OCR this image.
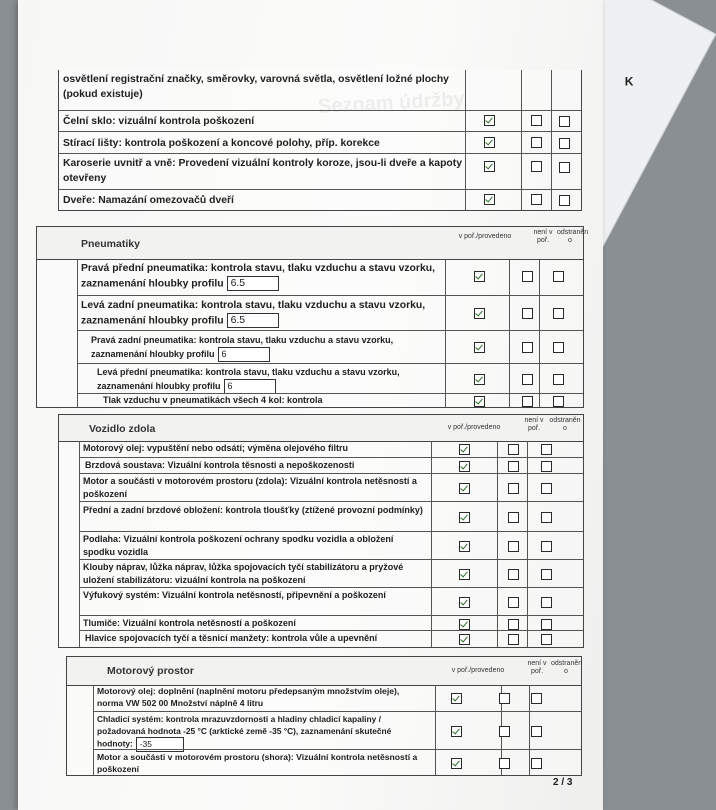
K
Seznam údržby
osvětlení registrační značky, směrovky, varovná světla, osvětlení ložné plochy (pokud existuje)
Čelní sklo: vizuální kontrola poškození
Stírací lišty: kontrola poškození a koncové polohy, příp. korekce
Karoserie uvnitř a vně: Provedení vizuální kontroly koroze, jsou-li dveře a kapoty otevřeny
Dveře: Namazání omezovačů dveří
Pneumatiky
v poř./provedeno
není v poř.
odstraněn o
Pravá přední pneumatika: kontrola stavu, tlaku vzduchu a stavu vzorku, zaznamenání hloubky profilu 6.5
Levá zadní pneumatika: kontrola stavu, tlaku vzduchu a stavu vzorku, zaznamenání hloubky profilu 6.5
Pravá zadní pneumatika: kontrola stavu, tlaku vzduchu a stavu vzorku, zaznamenání hloubky profilu 6
Levá přední pneumatika: kontrola stavu, tlaku vzduchu a stavu vzorku, zaznamenání hloubky profilu 6
Tlak vzduchu v pneumatikách všech 4 kol: kontrola
Vozidlo zdola	v poř./provedeno
není v poř.
odstraněn o
Motorový olej: vypuštění nebo odsátí; výměna olejového filtru
Brzdová soustava: Vizuální kontrola těsnosti a nepoškozenosti
Motor a součásti v motorovém prostoru (zdola): Vizuální kontrola netěsností a poškození
Přední a zadní brzdové obložení: kontrola tloušťky (ztížené provozní podmínky)
Podlaha: Vizuální kontrola poškození ochrany spodku vozidla a obložení spodku vozidla
Klouby náprav, lůžka náprav, lůžka spojovacích tyčí stabilizátoru a pryžové uložení stabilizátoru: vizuální kontrola na poškození
Výfukový systém: Vizuální kontrola netěsností, připevnění a poškození
Tlumiče: Vizuální kontrola netěsností a poškození
Hlavice spojovacích tyčí a těsnicí manžety: kontrola vůle a upevnění
Motorový prostor	v poř./provedeno
není v poř.
odstraněn o
Motorový olej: doplnění (naplnění motoru předepsaným množstvím oleje), norma VW 502 00 Množství náplně 4 litru
Chladicí systém: kontrola mrazuvzdornosti a hladiny chladicí kapaliny / požadovaná hodnota -25 °C (arktické země -35 °C), zaznamenání skutečné hodnoty: -35
Motor a součásti v motorovém prostoru (shora): Vizuální kontrola netěsností a poškození
2 / 3
